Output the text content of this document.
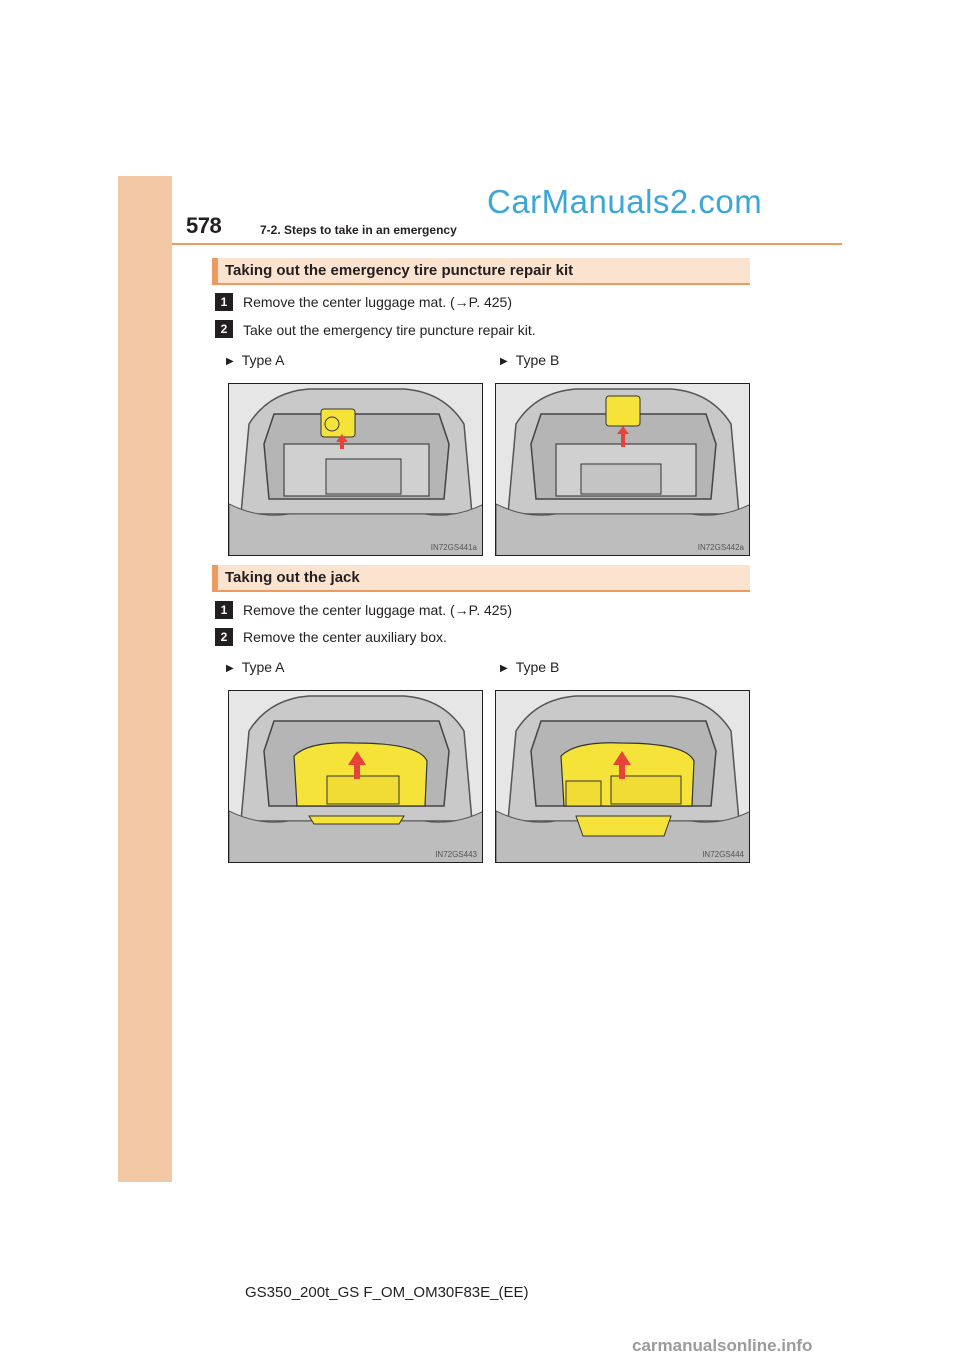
578	7-2. Steps to take in an emergency
CarManuals2.com
Taking out the emergency tire puncture repair kit
1	Remove the center luggage mat. (→P. 425)
2	Take out the emergency tire puncture repair kit.
▶ Type A	▶ Type B
IN72GS441a	IN72GS442a
Taking out the jack
1	Remove the center luggage mat. (→P. 425)
2	Remove the center auxiliary box.
▶ Type A	▶ Type B
IN72GS443	IN72GS444
GS350_200t_GS F_OM_OM30F83E_(EE)
carmanualsonline.info
